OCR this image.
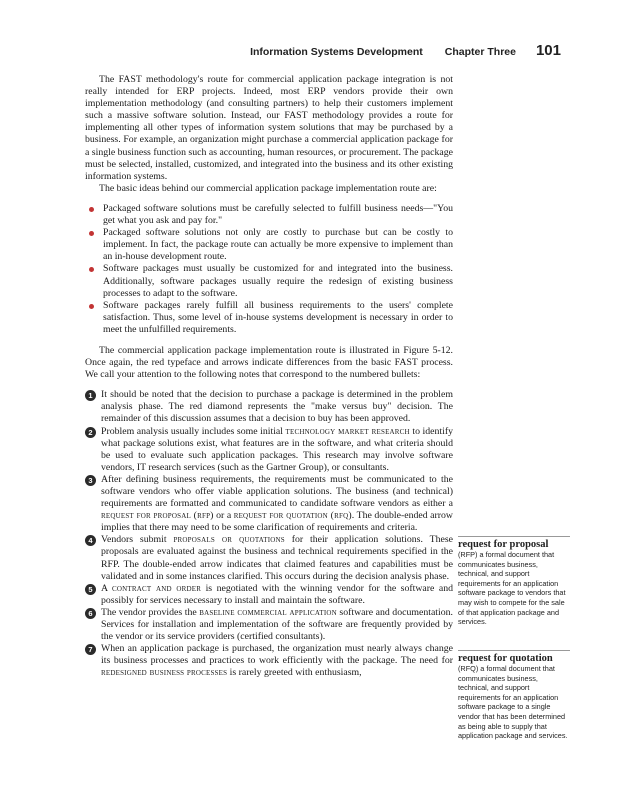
Information Systems Development Chapter Three 101

The FAST methodology's route for commercial application package integration is not really intended for ERP projects. Indeed, most ERP vendors provide their own implementation methodology (and consulting partners) to help their customers implement such a massive software solution. Instead, our FAST methodology provides a route for implementing all other types of information system solutions that may be purchased by a business. For example, an organization might purchase a commercial application package for a single business function such as accounting, human resources, or procurement. The package must be selected, installed, customized, and integrated into the business and its other existing information systems.

The basic ideas behind our commercial application package implementation route are:

Packaged software solutions must be carefully selected to fulfill business needs—"You get what you ask and pay for."
Packaged software solutions not only are costly to purchase but can be costly to implement. In fact, the package route can actually be more expensive to implement than an in-house development route.
Software packages must usually be customized for and integrated into the business. Additionally, software packages usually require the redesign of existing business processes to adapt to the software.
Software packages rarely fulfill all business requirements to the users' complete satisfaction. Thus, some level of in-house systems development is necessary in order to meet the unfulfilled requirements.

The commercial application package implementation route is illustrated in Figure 5-12. Once again, the red typeface and arrows indicate differences from the basic FAST process. We call your attention to the following notes that correspond to the numbered bullets:

1 It should be noted that the decision to purchase a package is determined in the problem analysis phase. The red diamond represents the "make versus buy" decision. The remainder of this discussion assumes that a decision to buy has been approved.
2 Problem analysis usually includes some initial technology market research to identify what package solutions exist, what features are in the software, and what criteria should be used to evaluate such application packages. This research may involve software vendors, IT research services (such as the Gartner Group), or consultants.
3 After defining business requirements, the requirements must be communicated to the software vendors who offer viable application solutions. The business (and technical) requirements are formatted and communicated to candidate software vendors as either a request for proposal (rfp) or a request for quotation (rfq). The double-ended arrow implies that there may need to be some clarification of requirements and criteria.
4 Vendors submit proposals or quotations for their application solutions. These proposals are evaluated against the business and technical requirements specified in the RFP. The double-ended arrow indicates that claimed features and capabilities must be validated and in some instances clarified. This occurs during the decision analysis phase.
5 A contract and order is negotiated with the winning vendor for the software and possibly for services necessary to install and maintain the software.
6 The vendor provides the baseline commercial application software and documentation. Services for installation and implementation of the software are frequently provided by the vendor or its service providers (certified consultants).
7 When an application package is purchased, the organization must nearly always change its business processes and practices to work efficiently with the package. The need for redesigned business processes is rarely greeted with enthusiasm,
request for proposal
(RFP) a formal document that communicates business, technical, and support requirements for an application software package to vendors that may wish to compete for the sale of that application package and services.
request for quotation
(RFQ) a formal document that communicates business, technical, and support requirements for an application software package to a single vendor that has been determined as being able to supply that application package and services.
